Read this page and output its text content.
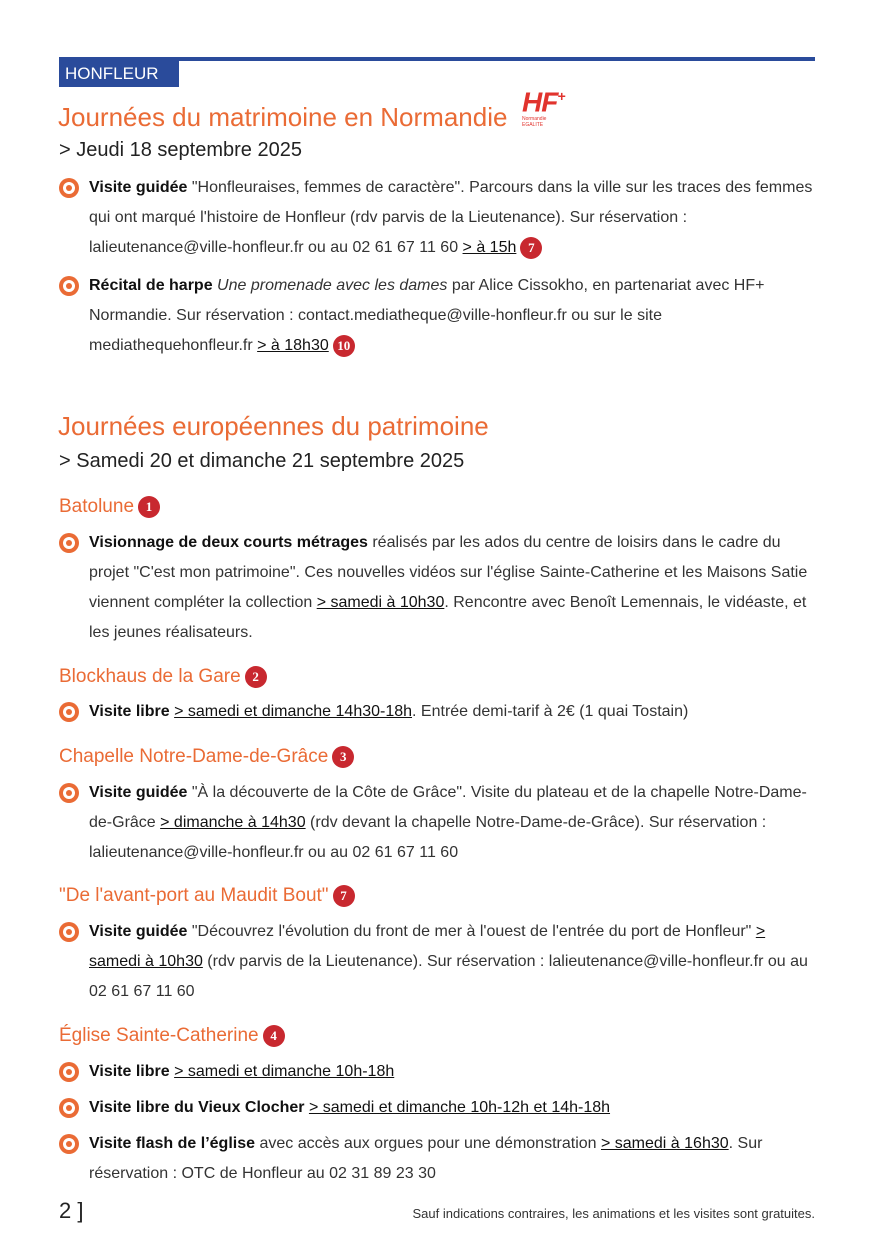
HONFLEUR
HF+
Normandie
EGALITE
Journées du matrimoine en Normandie

> Jeudi 18 septembre 2025

Visite guidée "Honfleuraises, femmes de caractère". Parcours dans la ville sur les traces des femmes qui ont marqué l'histoire de Honfleur (rdv parvis de la Lieutenance). Sur réservation : lalieutenance@ville-honfleur.fr ou au 02 61 67 11 60 > à 15h 7

Récital de harpe Une promenade avec les dames par Alice Cissokho, en partenariat avec HF+ Normandie. Sur réservation : contact.mediatheque@ville-honfleur.fr ou sur le site mediathequehonfleur.fr > à 18h30 10

Journées européennes du patrimoine

> Samedi 20 et dimanche 21 septembre 2025

Batolune 1

Visionnage de deux courts métrages réalisés par les ados du centre de loisirs dans le cadre du projet "C'est mon patrimoine". Ces nouvelles vidéos sur l'église Sainte-Catherine et les Maisons Satie viennent compléter la collection > samedi à 10h30. Rencontre avec Benoît Lemennais, le vidéaste, et les jeunes réalisateurs.

Blockhaus de la Gare 2

Visite libre > samedi et dimanche 14h30-18h. Entrée demi-tarif à 2€ (1 quai Tostain)

Chapelle Notre-Dame-de-Grâce 3

Visite guidée "À la découverte de la Côte de Grâce". Visite du plateau et de la chapelle Notre-Dame-de-Grâce > dimanche à 14h30 (rdv devant la chapelle Notre-Dame-de-Grâce). Sur réservation : lalieutenance@ville-honfleur.fr ou au 02 61 67 11 60

"De l'avant-port au Maudit Bout" 7

Visite guidée "Découvrez l'évolution du front de mer à l'ouest de l'entrée du port de Honfleur" > samedi à 10h30 (rdv parvis de la Lieutenance). Sur réservation : lalieutenance@ville-honfleur.fr ou au 02 61 67 11 60

Église Sainte-Catherine 4

Visite libre > samedi et dimanche 10h-18h

Visite libre du Vieux Clocher > samedi et dimanche 10h-12h et 14h-18h

Visite flash de l’église avec accès aux orgues pour une démonstration > samedi à 16h30. Sur réservation : OTC de Honfleur au 02 31 89 23 30

2 ]	Sauf indications contraires, les animations et les visites sont gratuites.
